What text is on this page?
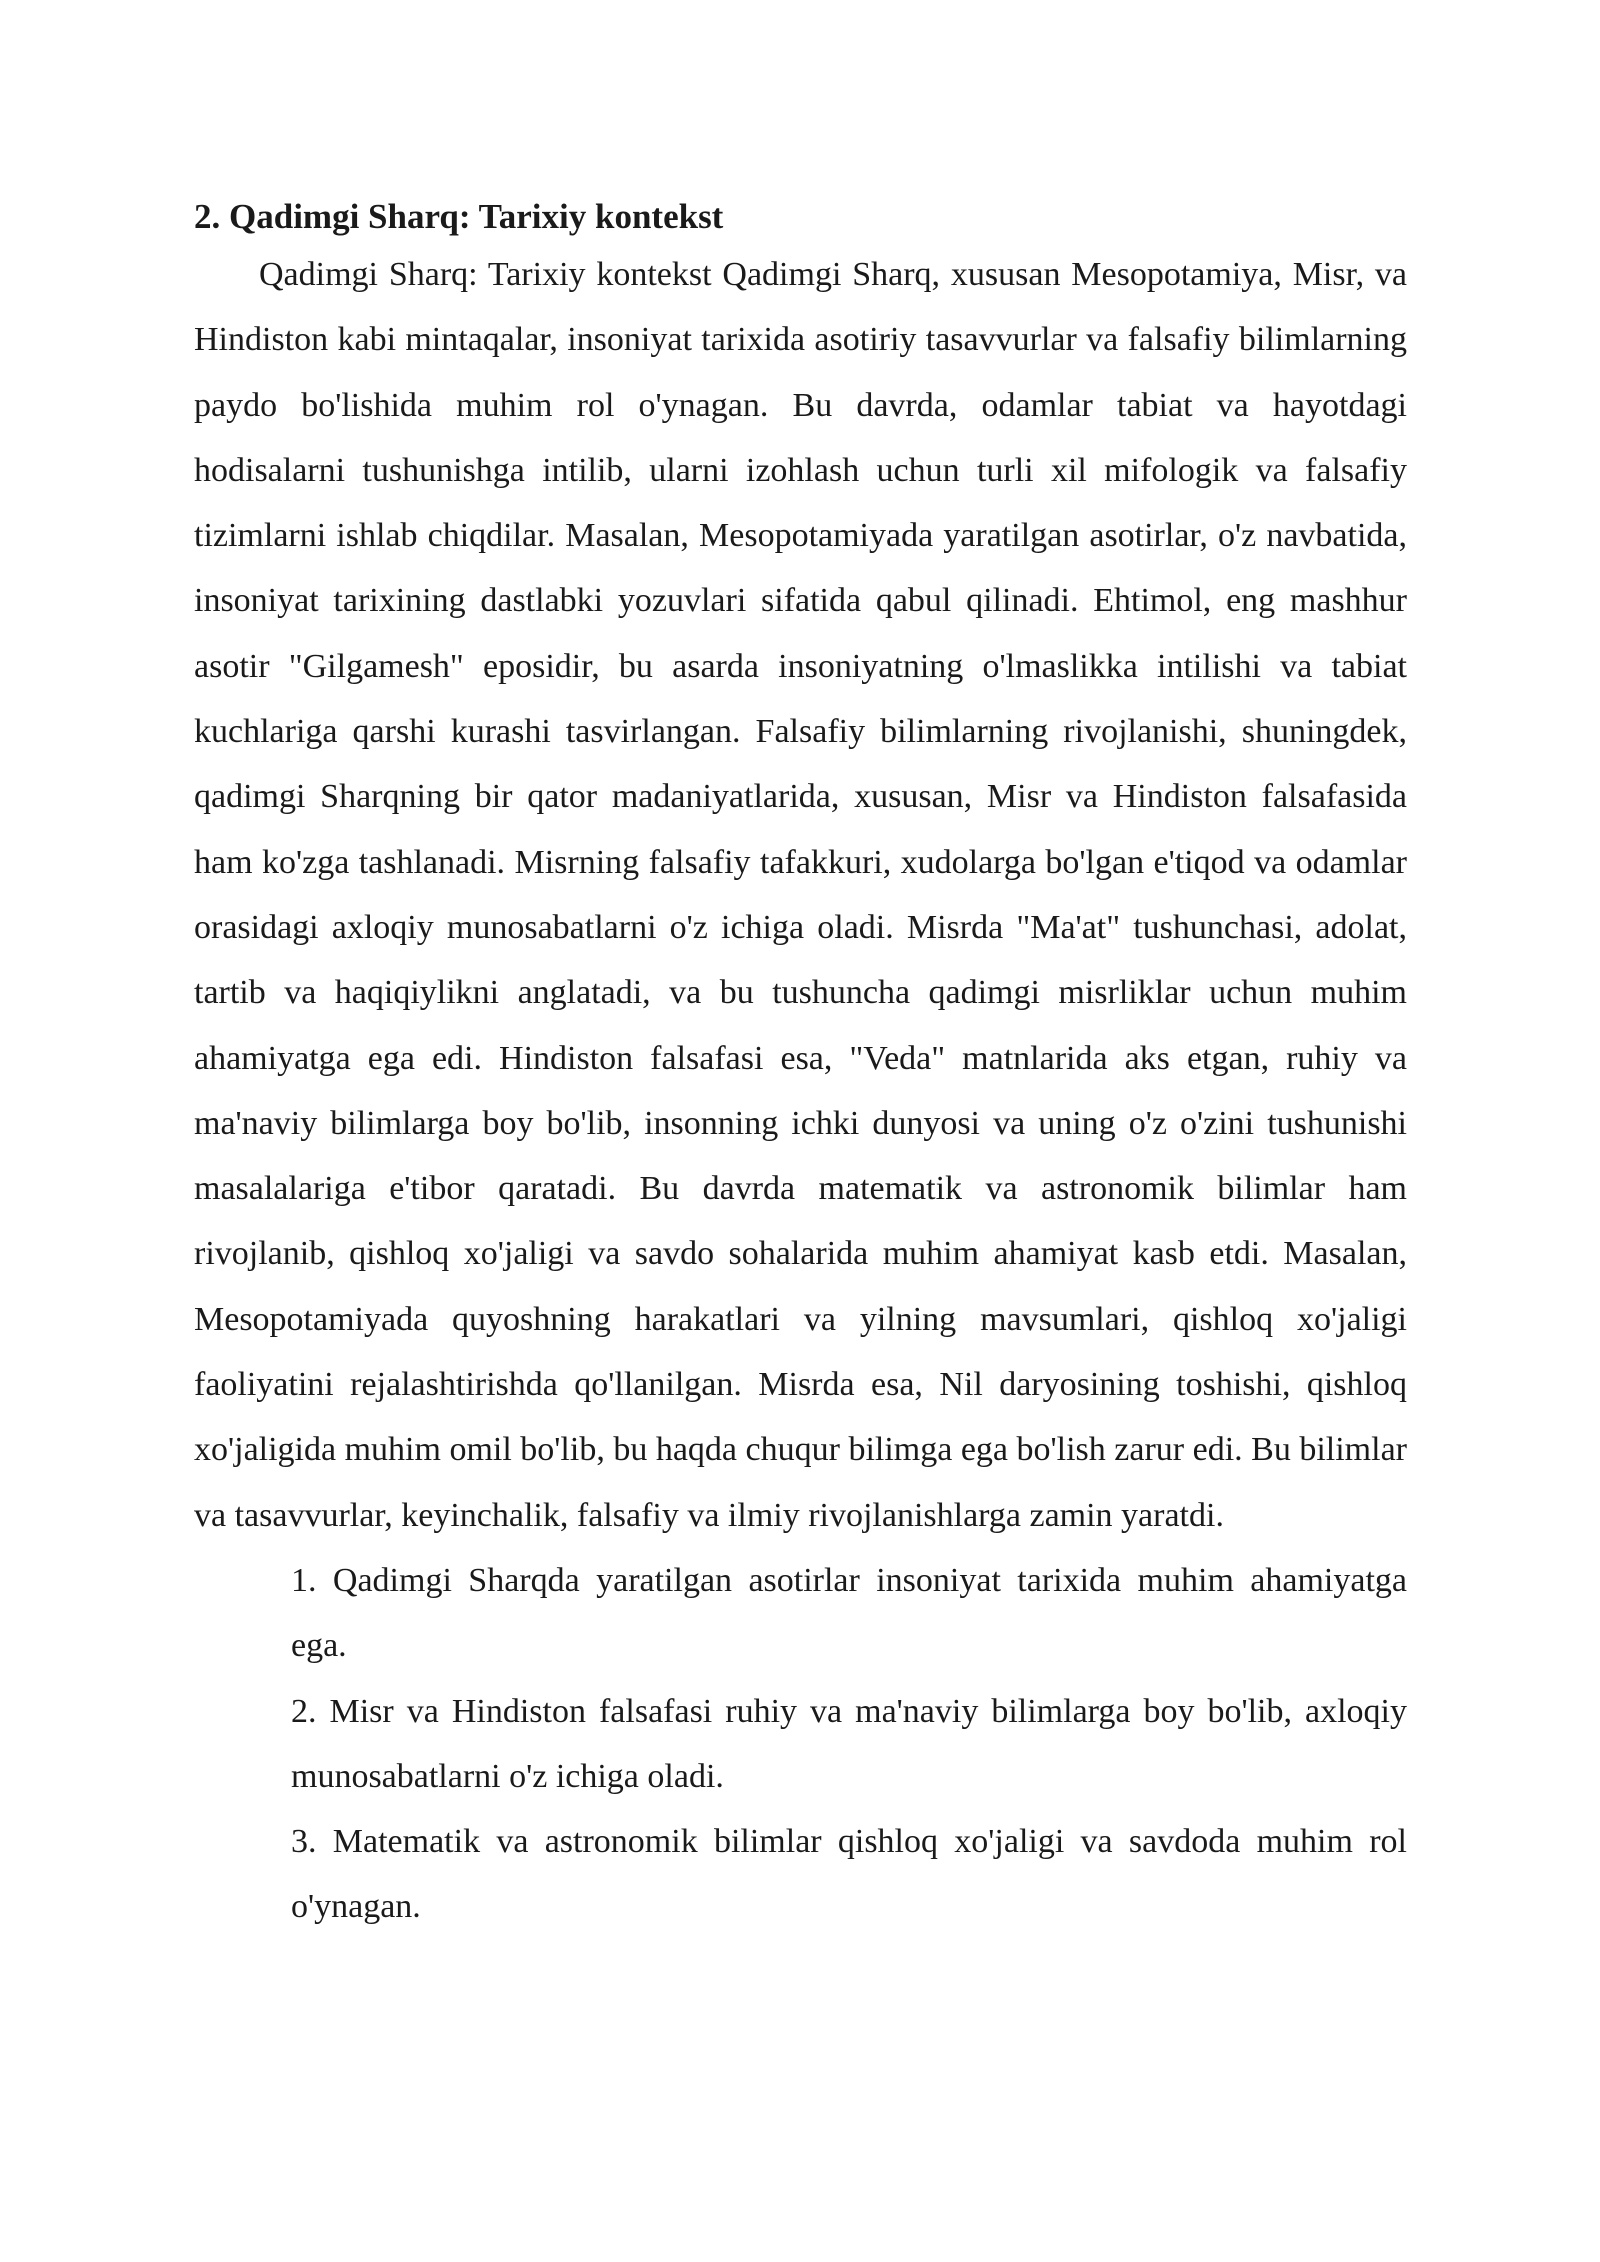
2. Qadimgi Sharq: Tarixiy kontekst

Qadimgi Sharq: Tarixiy kontekst Qadimgi Sharq, xususan Mesopotamiya, Misr, va Hindiston kabi mintaqalar, insoniyat tarixida asotiriy tasavvurlar va falsafiy bilimlarning paydo bo'lishida muhim rol o'ynagan. Bu davrda, odamlar tabiat va hayotdagi hodisalarni tushunishga intilib, ularni izohlash uchun turli xil mifologik va falsafiy tizimlarni ishlab chiqdilar. Masalan, Mesopotamiyada yaratilgan asotirlar, o'z navbatida, insoniyat tarixining dastlabki yozuvlari sifatida qabul qilinadi. Ehtimol, eng mashhur asotir "Gilgamesh" eposidir, bu asarda insoniyatning o'lmaslikka intilishi va tabiat kuchlariga qarshi kurashi tasvirlangan. Falsafiy bilimlarning rivojlanishi, shuningdek, qadimgi Sharqning bir qator madaniyatlarida, xususan, Misr va Hindiston falsafasida ham ko'zga tashlanadi. Misrning falsafiy tafakkuri, xudolarga bo'lgan e'tiqod va odamlar orasidagi axloqiy munosabatlarni o'z ichiga oladi. Misrda "Ma'at" tushunchasi, adolat, tartib va haqiqiylikni anglatadi, va bu tushuncha qadimgi misrliklar uchun muhim ahamiyatga ega edi. Hindiston falsafasi esa, "Veda" matnlarida aks etgan, ruhiy va ma'naviy bilimlarga boy bo'lib, insonning ichki dunyosi va uning o'z o'zini tushunishi masalalariga e'tibor qaratadi. Bu davrda matematik va astronomik bilimlar ham rivojlanib, qishloq xo'jaligi va savdo sohalarida muhim ahamiyat kasb etdi. Masalan, Mesopotamiyada quyoshning harakatlari va yilning mavsumlari, qishloq xo'jaligi faoliyatini rejalashtirishda qo'llanilgan. Misrda esa, Nil daryosining toshishi, qishloq xo'jaligida muhim omil bo'lib, bu haqda chuqur bilimga ega bo'lish zarur edi. Bu bilimlar va tasavvurlar, keyinchalik, falsafiy va ilmiy rivojlanishlarga zamin yaratdi.

1. Qadimgi Sharqda yaratilgan asotirlar insoniyat tarixida muhim ahamiyatga ega.
2. Misr va Hindiston falsafasi ruhiy va ma'naviy bilimlarga boy bo'lib, axloqiy munosabatlarni o'z ichiga oladi.
3. Matematik va astronomik bilimlar qishloq xo'jaligi va savdoda muhim rol o'ynagan.
